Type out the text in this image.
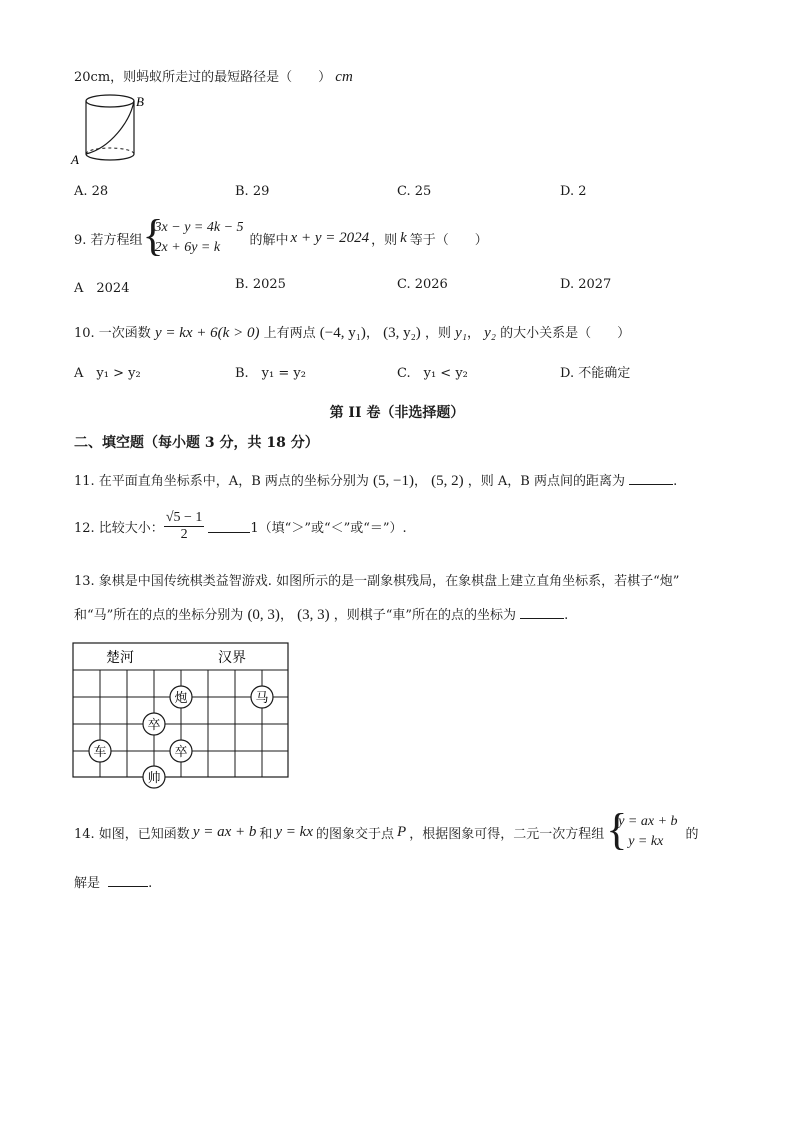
20cm，则蚂蚁所走过的最短路径是（　　） cm
B
A
A. 28	B. 29	C. 25	D. 2
9. 若方程组
{ 3x − y = 4k − 5
2x + 6y = k	的解中 x + y = 2024 ，则 k 等于（　　）
A　2024	B. 2025	C. 2026	D. 2027
10. 一次函数 y = kx + 6(k > 0) 上有两点 (−4, y₁)， (3, y₂) ，则 y₁， y₂ 的大小关系是（　　）
A　y₁ > y₂	B.　y₁ = y₂	C.　y₁ < y₂	D. 不能确定
第 II 卷（非选择题）
二、填空题（每小题 3 分，共 18 分）
11. 在平面直角坐标系中，A，B 两点的坐标分别为 (5, −1)， (5, 2) ，则 A，B 两点间的距离为	.
12. 比较大小： $\frac{√5 - 1}{2}$	1（填“＞”或“＜”或“＝”）.
13. 象棋是中国传统棋类益智游戏. 如图所示的是一副象棋残局，在象棋盘上建立直角坐标系，若棋子“炮”
和“马”所在的点的坐标分别为 (0, 3)， (3, 3) ，则棋子“車”所在的点的坐标为	.
楚河	汉界
炮	马
卒
车	卒
帅
14. 如图，已知函数 y = ax + b 和 y = kx 的图象交于点 P ，根据图象可得，二元一次方程组
{ y = ax + b
y = kx	的
解是	.
